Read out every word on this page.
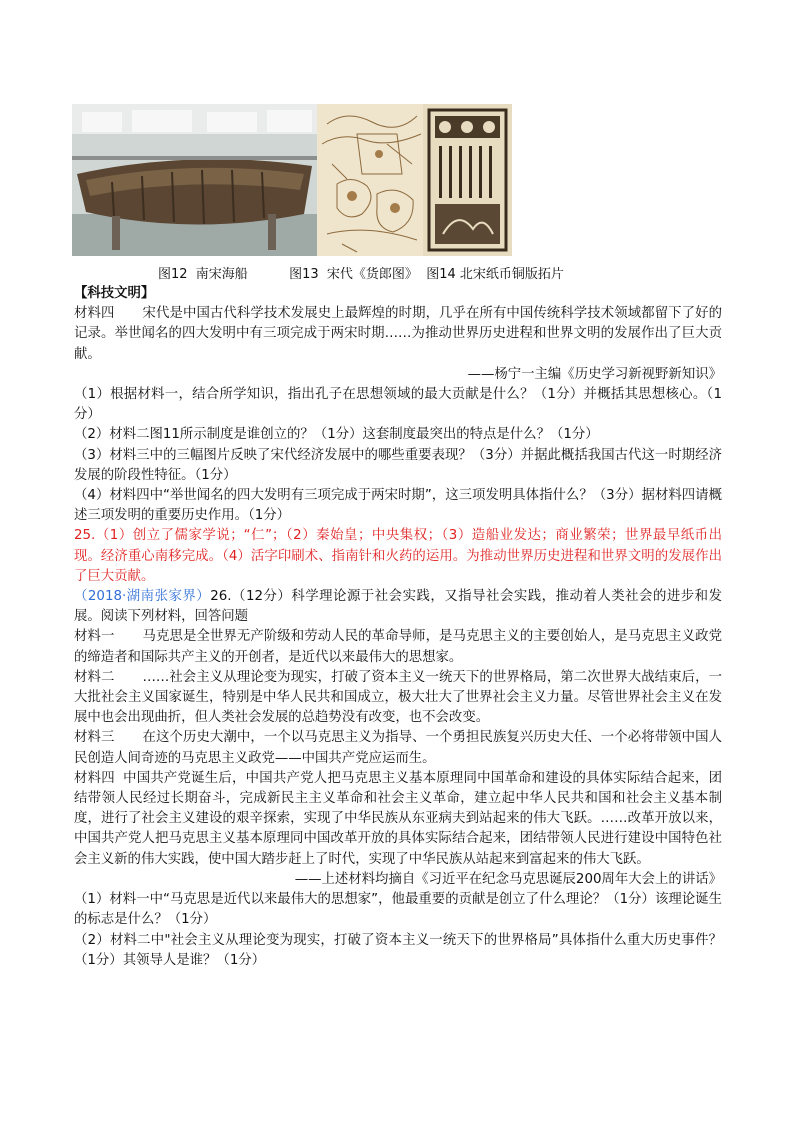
图12  南宋海船          图13  宋代《货郎图》  图14 北宋纸币铜版拓片

【科技文明】

材料四 宋代是中国古代科学技术发展史上最辉煌的时期，几乎在所有中国传统科学技术领域都留下了好的记录。举世闻名的四大发明中有三项完成于两宋时期……为推动世界历史进程和世界文明的发展作出了巨大贡献。

——杨宁一主编《历史学习新视野新知识》

（1）根据材料一，结合所学知识，指出孔子在思想领域的最大贡献是什么？（1分）并概括其思想核心。（1分）

（2）材料二图11所示制度是谁创立的？（1分）这套制度最突出的特点是什么？（1分）

（3）材料三中的三幅图片反映了宋代经济发展中的哪些重要表现？（3分）并据此概括我国古代这一时期经济发展的阶段性特征。（1分）

（4）材料四中“举世闻名的四大发明有三项完成于两宋时期”，这三项发明具体指什么？（3分）据材料四请概述三项发明的重要历史作用。（1分）

25.（1）创立了儒家学说；“仁”；（2）秦始皇；中央集权；（3）造船业发达；商业繁荣；世界最早纸币出现。经济重心南移完成。（4）活字印刷术、指南针和火药的运用。为推动世界历史进程和世界文明的发展作出了巨大贡献。

（2018·湖南张家界）26.（12分）科学理论源于社会实践，又指导社会实践，推动着人类社会的进步和发展。阅读下列材料，回答问题

材料一 马克思是全世界无产阶级和劳动人民的革命导师，是马克思主义的主要创始人，是马克思主义政党的缔造者和国际共产主义的开创者，是近代以来最伟大的思想家。

材料二 ……社会主义从理论变为现实，打破了资本主义一统天下的世界格局，第二次世界大战结束后，一大批社会主义国家诞生，特别是中华人民共和国成立，极大壮大了世界社会主义力量。尽管世界社会主义在发展中也会出现曲折，但人类社会发展的总趋势没有改变，也不会改变。

材料三 在这个历史大潮中，一个以马克思主义为指导、一个勇担民族复兴历史大任、一个必将带领中国人民创造人间奇迹的马克思主义政党——中国共产党应运而生。

材料四 中国共产党诞生后，中国共产党人把马克思主义基本原理同中国革命和建设的具体实际结合起来，团结带领人民经过长期奋斗，完成新民主主义革命和社会主义革命，建立起中华人民共和国和社会主义基本制度，进行了社会主义建设的艰辛探索，实现了中华民族从东亚病夫到站起来的伟大飞跃。……改革开放以来，中国共产党人把马克思主义基本原理同中国改革开放的具体实际结合起来，团结带领人民进行建设中国特色社会主义新的伟大实践，使中国大踏步赶上了时代，实现了中华民族从站起来到富起来的伟大飞跃。

——上述材料均摘自《习近平在纪念马克思诞辰200周年大会上的讲话》

（1）材料一中“马克思是近代以来最伟大的思想家”，他最重要的贡献是创立了什么理论？（1分）该理论诞生的标志是什么？（1分）

（2）材料二中"社会主义从理论变为现实，打破了资本主义一统天下的世界格局”具体指什么重大历史事件？（1分）其领导人是谁？（1分）
